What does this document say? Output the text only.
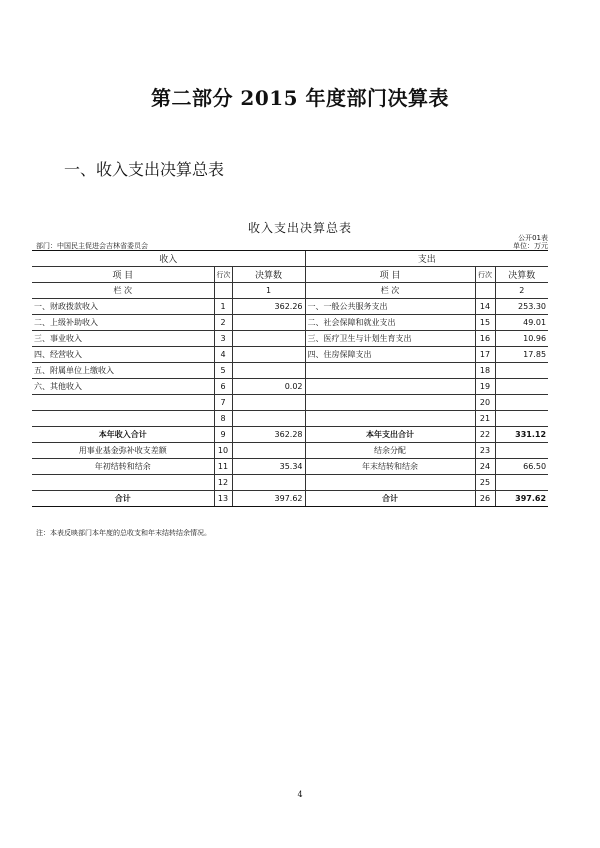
第二部分 2015 年度部门决算表
一、收入支出决算总表
收入支出决算总表
公开01表
部门：中国民主促进会吉林省委员会	单位：万元
收入			支出		
项 目	行次	决算数	项 目	行次	决算数
栏 次		1	栏 次		2
一、财政拨款收入	1	362.26	一、一般公共服务支出	14	253.30
二、上级补助收入	2		二、社会保障和就业支出	15	49.01
三、事业收入	3		三、医疗卫生与计划生育支出	16	10.96
四、经营收入	4		四、住房保障支出	17	17.85
五、附属单位上缴收入	5			18	
六、其他收入	6	0.02		19	
	7			20	
	8			21	
本年收入合计	9	362.28	本年支出合计	22	331.12
用事业基金弥补收支差额	10		结余分配	23	
年初结转和结余	11	35.34	年末结转和结余	24	66.50
	12			25	
合计	13	397.62	合计	26	397.62
注：本表反映部门本年度的总收支和年末结转结余情况。
4
